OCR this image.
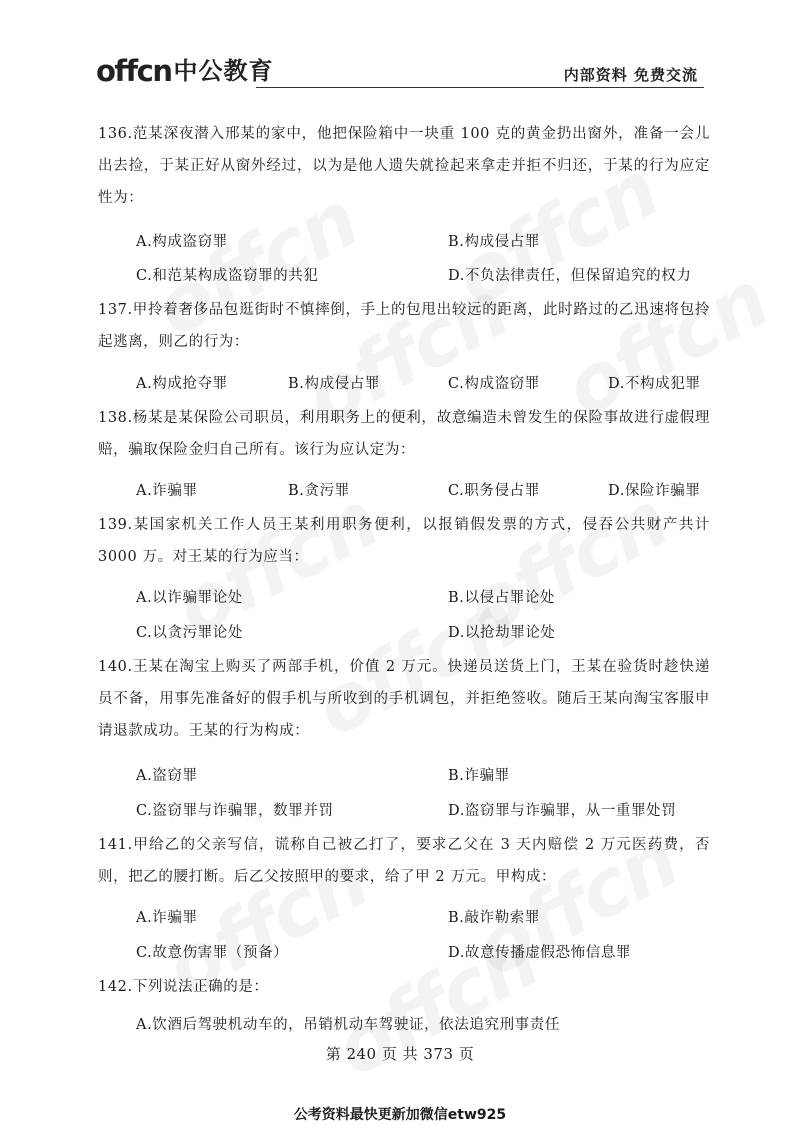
offcn 中公教育	内部资料 免费交流
136.范某深夜潜入邢某的家中，他把保险箱中一块重 100 克的黄金扔出窗外，准备一会儿出去捡，于某正好从窗外经过，以为是他人遗失就捡起来拿走并拒不归还，于某的行为应定性为：
A.构成盗窃罪	B.构成侵占罪
C.和范某构成盗窃罪的共犯	D.不负法律责任，但保留追究的权力
137.甲拎着奢侈品包逛街时不慎摔倒，手上的包甩出较远的距离，此时路过的乙迅速将包拎起逃离，则乙的行为：
A.构成抢夺罪	B.构成侵占罪	C.构成盗窃罪	D.不构成犯罪
138.杨某是某保险公司职员，利用职务上的便利，故意编造未曾发生的保险事故进行虚假理赔，骗取保险金归自己所有。该行为应认定为：
A.诈骗罪	B.贪污罪	C.职务侵占罪	D.保险诈骗罪
139.某国家机关工作人员王某利用职务便利，以报销假发票的方式，侵吞公共财产共计 3000 万。对王某的行为应当：
A.以诈骗罪论处	B.以侵占罪论处
C.以贪污罪论处	D.以抢劫罪论处
140.王某在淘宝上购买了两部手机，价值 2 万元。快递员送货上门，王某在验货时趁快递员不备，用事先准备好的假手机与所收到的手机调包，并拒绝签收。随后王某向淘宝客服申请退款成功。王某的行为构成：
A.盗窃罪	B.诈骗罪
C.盗窃罪与诈骗罪，数罪并罚	D.盗窃罪与诈骗罪，从一重罪处罚
141.甲给乙的父亲写信，谎称自己被乙打了，要求乙父在 3 天内赔偿 2 万元医药费，否则，把乙的腰打断。后乙父按照甲的要求，给了甲 2 万元。甲构成：
A.诈骗罪	B.敲诈勒索罪
C.故意伤害罪（预备）	D.故意传播虚假恐怖信息罪
142.下列说法正确的是：
A.饮酒后驾驶机动车的，吊销机动车驾驶证，依法追究刑事责任
第 240 页 共 373 页
公考资料最快更新加微信etw925
